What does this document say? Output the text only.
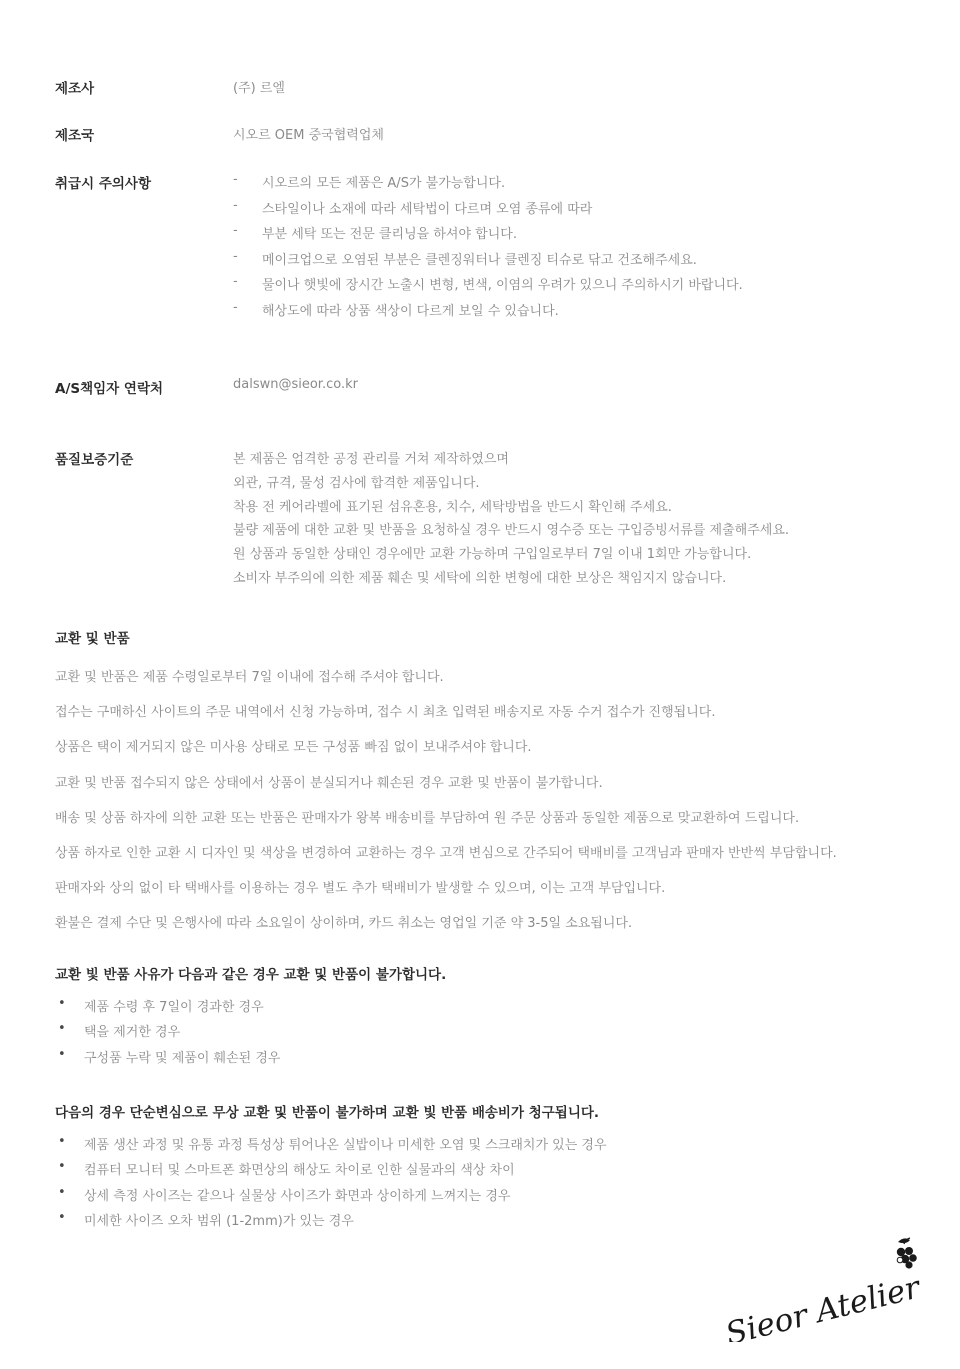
제조사	(주) 르엘
제조국	시오르 OEM 중국협력업체
취급시 주의사항	- 시오르의 모든 제품은 A/S가 불가능합니다.
- 스타일이나 소재에 따라 세탁법이 다르며 오염 종류에 따라
- 부분 세탁 또는 전문 클리닝을 하셔야 합니다.
- 메이크업으로 오염된 부분은 클렌징워터나 클렌징 티슈로 닦고 건조해주세요.
- 물이나 햇빛에 장시간 노출시 변형, 변색, 이염의 우려가 있으니 주의하시기 바랍니다.
- 해상도에 따라 상품 색상이 다르게 보일 수 있습니다.
A/S책임자 연락처	dalswn@sieor.co.kr
품질보증기준	본 제품은 엄격한 공정 관리를 거쳐 제작하였으며
외관, 규격, 물성 검사에 합격한 제품입니다.
착용 전 케어라벨에 표기된 섬유혼용, 치수, 세탁방법을 반드시 확인해 주세요.
불량 제품에 대한 교환 및 반품을 요청하실 경우 반드시 영수증 또는 구입증빙서류를 제출해주세요.
원 상품과 동일한 상태인 경우에만 교환 가능하며 구입일로부터 7일 이내 1회만 가능합니다.
소비자 부주의에 의한 제품 훼손 및 세탁에 의한 변형에 대한 보상은 책임지지 않습니다.
교환 및 반품
교환 및 반품은 제품 수령일로부터 7일 이내에 접수해 주셔야 합니다.
접수는 구매하신 사이트의 주문 내역에서 신청 가능하며, 접수 시 최초 입력된 배송지로 자동 수거 접수가 진행됩니다.
상품은 택이 제거되지 않은 미사용 상태로 모든 구성품 빠짐 없이 보내주셔야 합니다.
교환 및 반품 접수되지 않은 상태에서 상품이 분실되거나 훼손된 경우 교환 및 반품이 불가합니다.
배송 및 상품 하자에 의한 교환 또는 반품은 판매자가 왕복 배송비를 부담하여 원 주문 상품과 동일한 제품으로 맞교환하여 드립니다.
상품 하자로 인한 교환 시 디자인 및 색상을 변경하여 교환하는 경우 고객 변심으로 간주되어 택배비를 고객님과 판매자 반반씩 부담합니다.
판매자와 상의 없이 타 택배사를 이용하는 경우 별도 추가 택배비가 발생할 수 있으며, 이는 고객 부담입니다.
환불은 결제 수단 및 은행사에 따라 소요일이 상이하며, 카드 취소는 영업일 기준 약 3-5일 소요됩니다.
교환 빛 반품 사유가 다음과 같은 경우 교환 및 반품이 불가합니다.
• 제품 수령 후 7일이 경과한 경우
• 택을 제거한 경우
• 구성품 누락 및 제품이 훼손된 경우
다음의 경우 단순변심으로 무상 교환 및 반품이 불가하며 교환 빛 반품 배송비가 청구됩니다.
• 제품 생산 과정 및 유통 과정 특성상 튀어나온 실밥이나 미세한 오염 및 스크래치가 있는 경우
• 컴퓨터 모니터 및 스마트폰 화면상의 해상도 차이로 인한 실물과의 색상 차이
• 상세 측정 사이즈는 같으나 실물상 사이즈가 화면과 상이하게 느껴지는 경우
• 미세한 사이즈 오차 범위 (1-2mm)가 있는 경우
Sieor Atelier
